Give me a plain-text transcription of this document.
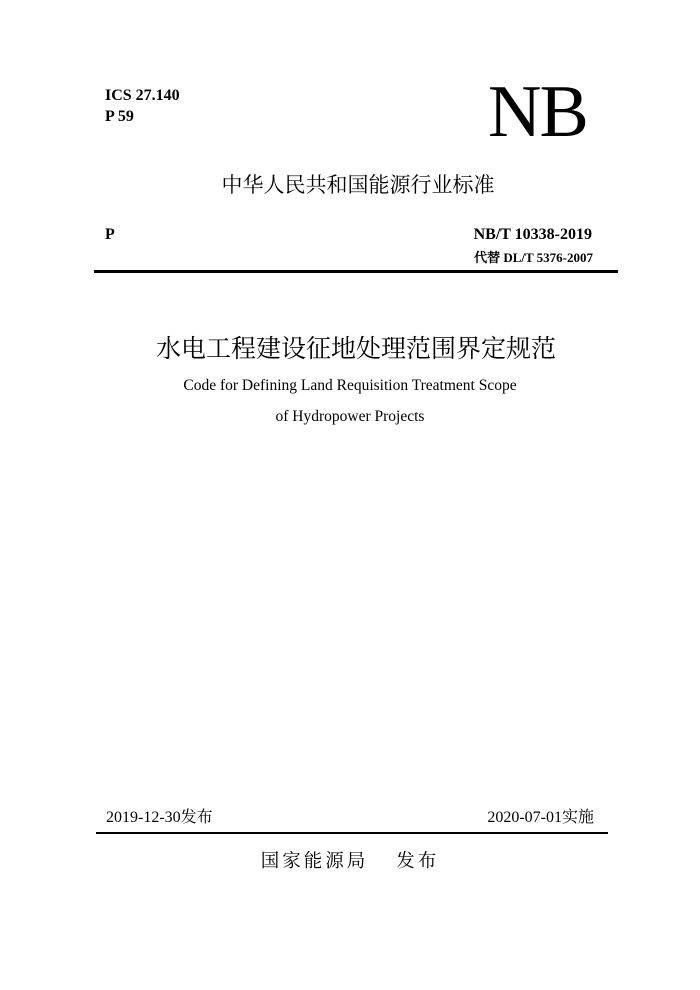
ICS 27.140
P 59	NB
中华人民共和国能源行业标准
P	NB/T 10338-2019
代替 DL/T 5376-2007
水电工程建设征地处理范围界定规范
Code for Defining Land Requisition Treatment Scope
of Hydropower Projects
2019-12-30发布	2020-07-01实施
国家能源局 发布
